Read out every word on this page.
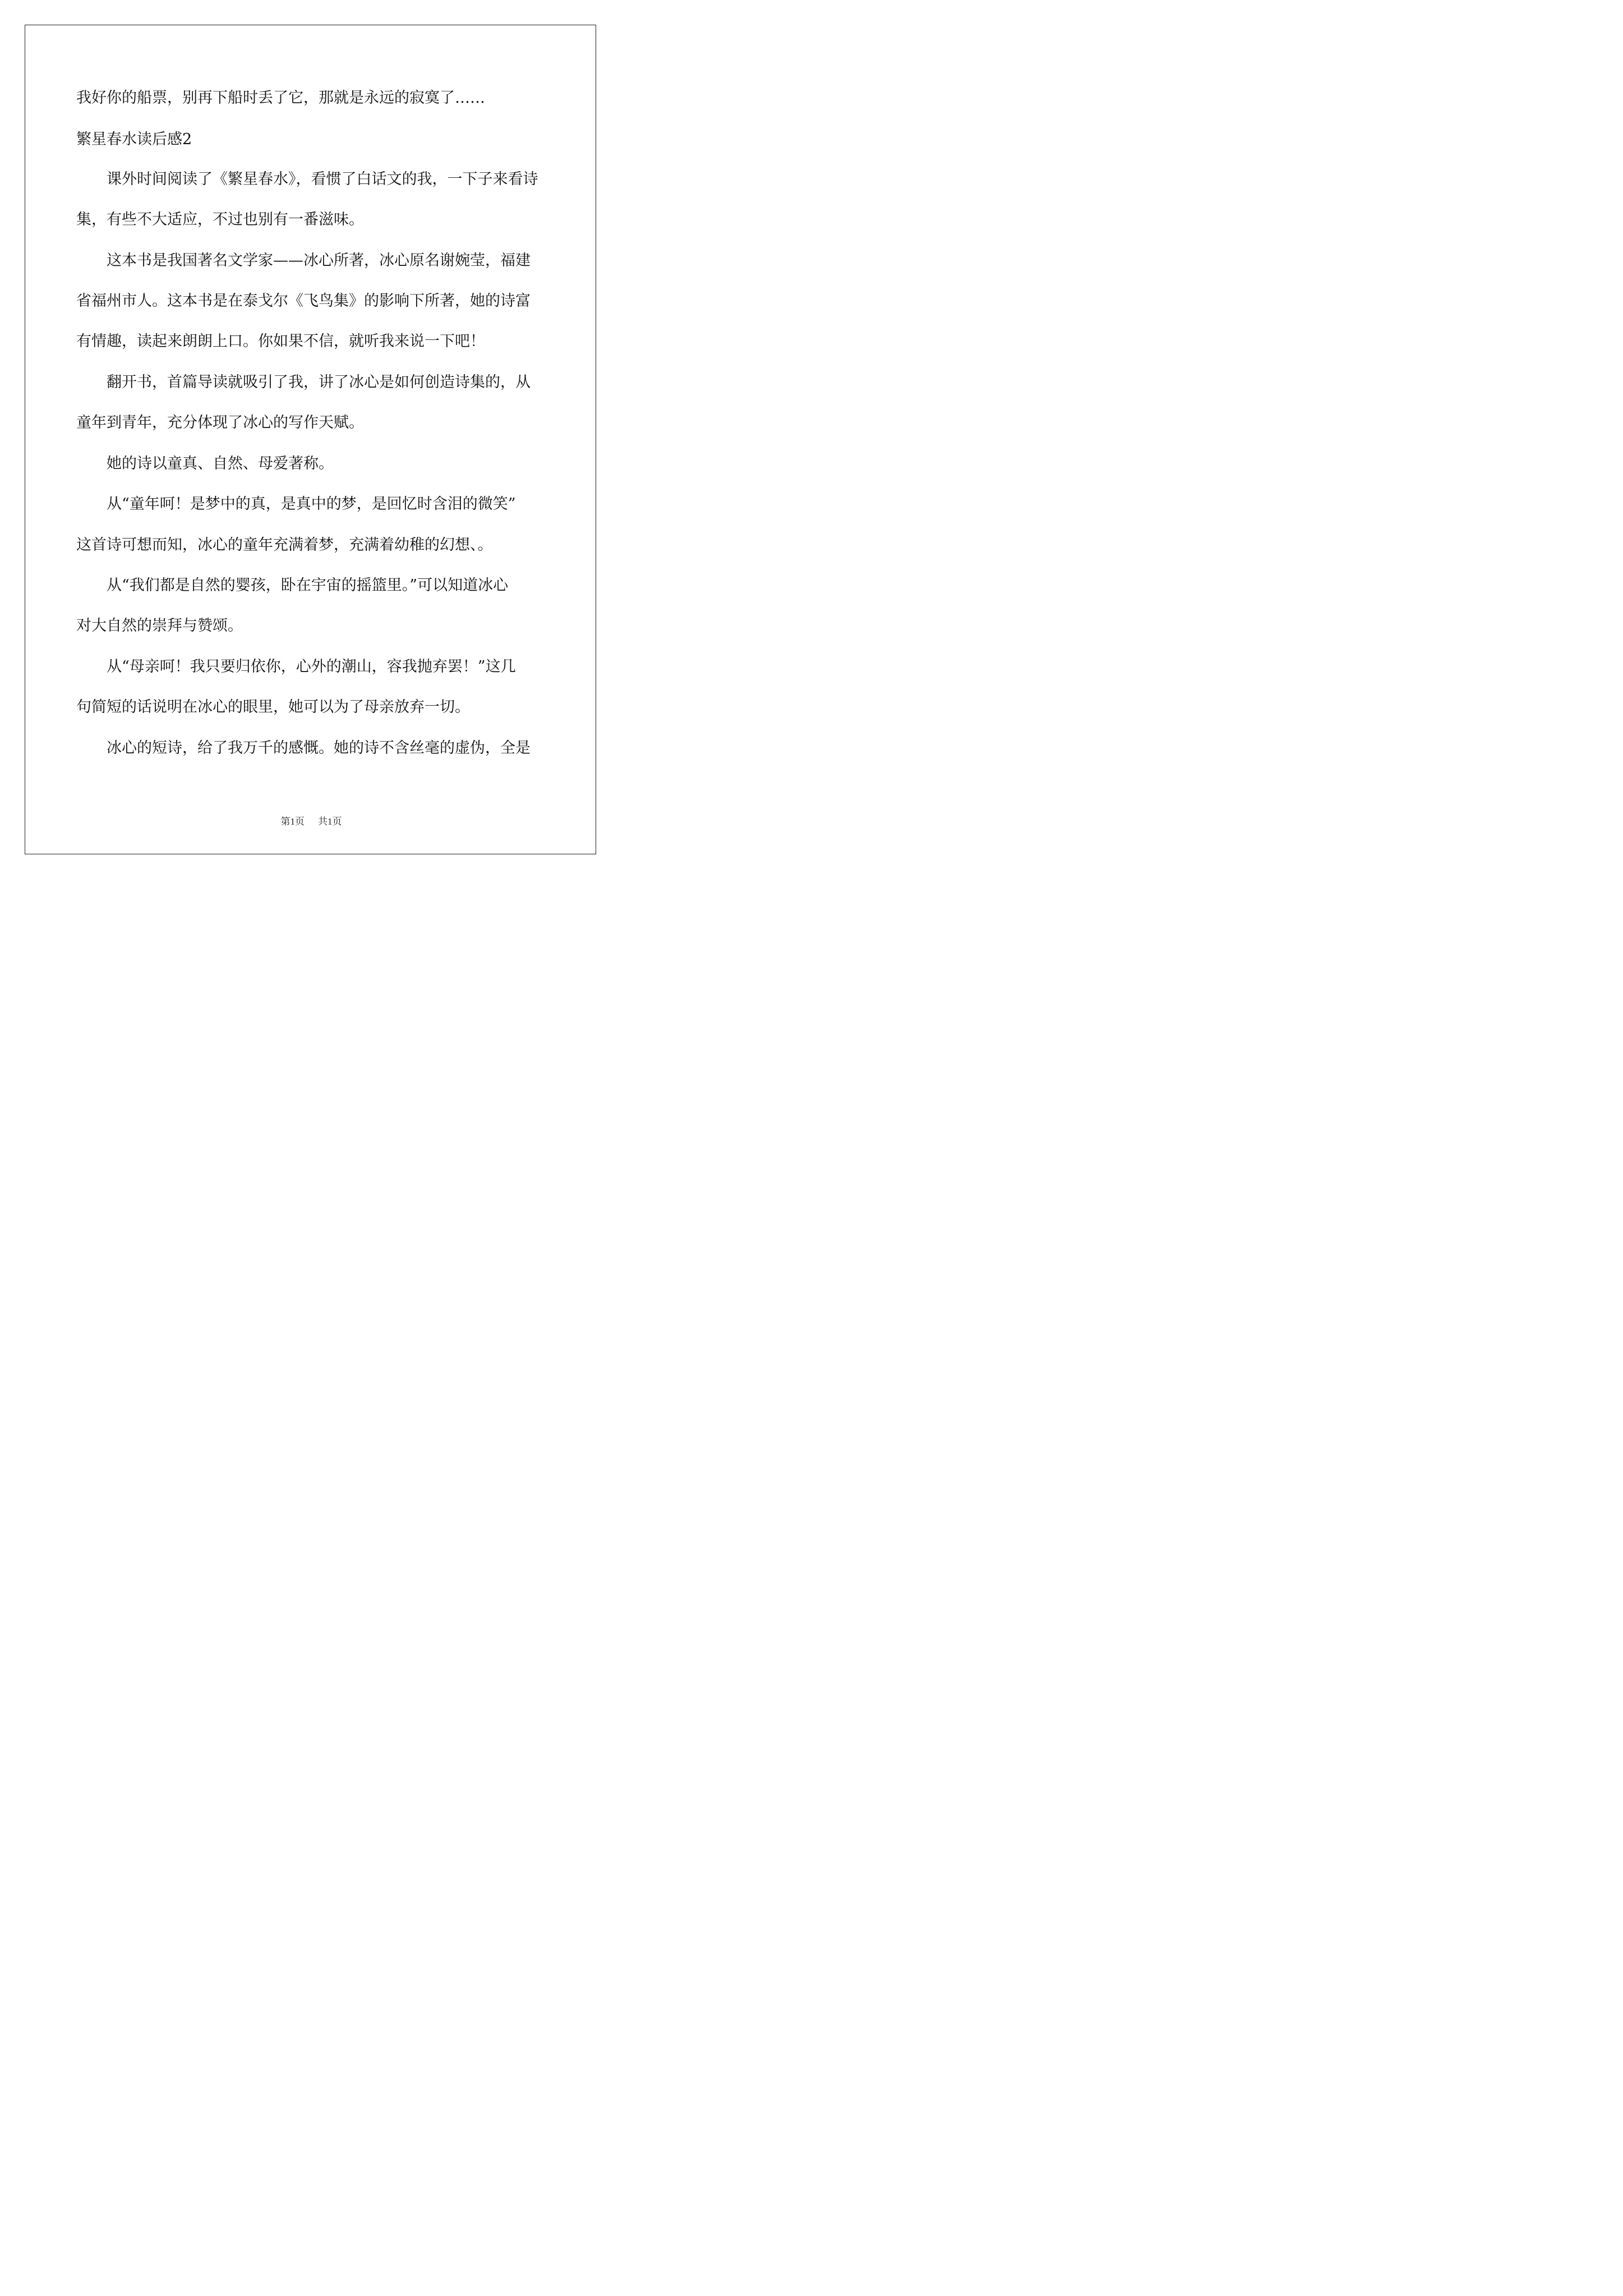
我好你的船票，别再下船时丢了它，那就是永远的寂寞了……

繁星春水读后感2

课外时间阅读了《繁星春水》，看惯了白话文的我，一下子来看诗

集，有些不大适应，不过也别有一番滋味。

这本书是我国著名文学家——冰心所著，冰心原名谢婉莹，福建

省福州市人。这本书是在泰戈尔《飞鸟集》的影响下所著，她的诗富

有情趣，读起来朗朗上口。你如果不信，就听我来说一下吧！

翻开书，首篇导读就吸引了我，讲了冰心是如何创造诗集的，从

童年到青年，充分体现了冰心的写作天赋。

她的诗以童真、自然、母爱著称。

从“童年呵！是梦中的真，是真中的梦，是回忆时含泪的微笑”

这首诗可想而知，冰心的童年充满着梦，充满着幼稚的幻想、。

从“我们都是自然的婴孩，卧在宇宙的摇篮里。”可以知道冰心

对大自然的崇拜与赞颂。

从“母亲呵！我只要归依你，心外的潮山，容我抛弃罢！”这几

句简短的话说明在冰心的眼里，她可以为了母亲放弃一切。

冰心的短诗，给了我万千的感慨。她的诗不含丝毫的虚伪，全是

第1页 共1页
